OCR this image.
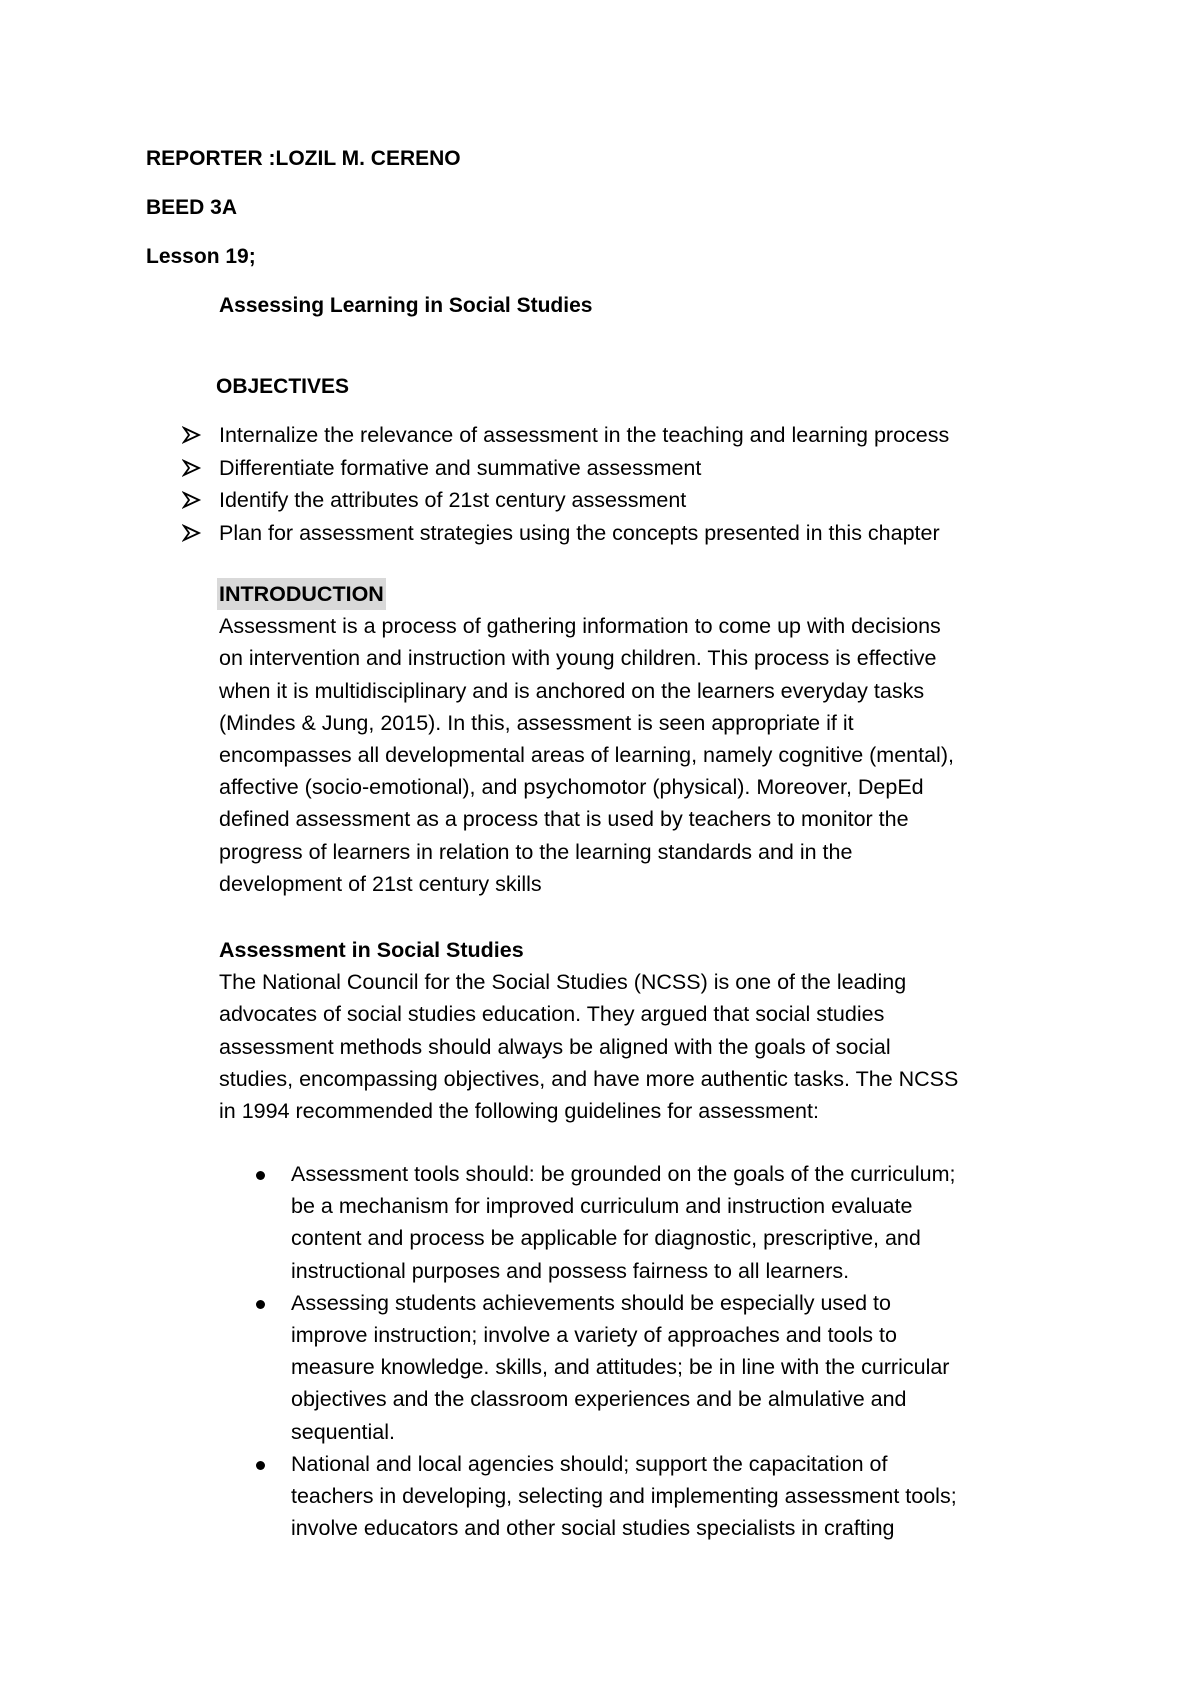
REPORTER :LOZIL M. CERENO
BEED 3A
Lesson 19;
Assessing Learning in Social Studies
OBJECTIVES
Internalize the relevance of assessment in the teaching and learning process
Differentiate formative and summative assessment
Identify the attributes of 21st century assessment
Plan for assessment strategies using the concepts presented in this chapter
INTRODUCTION
Assessment is a process of gathering information to come up with decisions
on intervention and instruction with young children. This process is effective
when it is multidisciplinary and is anchored on the learners everyday tasks
(Mindes & Jung, 2015). In this, assessment is seen appropriate if it
encompasses all developmental areas of learning, namely cognitive (mental),
affective (socio-emotional), and psychomotor (physical). Moreover, DepEd
defined assessment as a process that is used by teachers to monitor the
progress of learners in relation to the learning standards and in the
development of 21st century skills
Assessment in Social Studies
The National Council for the Social Studies (NCSS) is one of the leading
advocates of social studies education. They argued that social studies
assessment methods should always be aligned with the goals of social
studies, encompassing objectives, and have more authentic tasks. The NCSS
in 1994 recommended the following guidelines for assessment:
Assessment tools should: be grounded on the goals of the curriculum;
be a mechanism for improved curriculum and instruction evaluate
content and process be applicable for diagnostic, prescriptive, and
instructional purposes and possess fairness to all learners.
Assessing students achievements should be especially used to
improve instruction; involve a variety of approaches and tools to
measure knowledge. skills, and attitudes; be in line with the curricular
objectives and the classroom experiences and be almulative and
sequential.
National and local agencies should; support the capacitation of
teachers in developing, selecting and implementing assessment tools;
involve educators and other social studies specialists in crafting
